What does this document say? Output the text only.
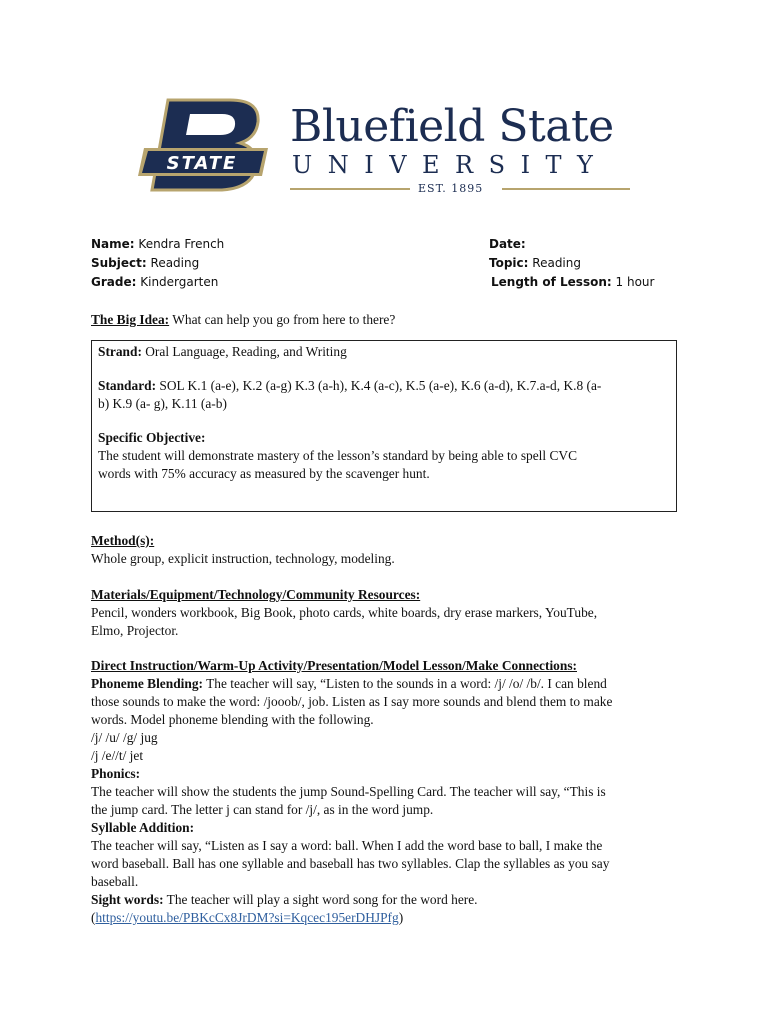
STATE
Bluefield State
UNIVERSITY
EST. 1895
Name: Kendra French
Subject: Reading
Grade: Kindergarten
Date:
Topic: Reading
Length of Lesson: 1 hour
The Big Idea: What can help you go from here to there?

Strand: Oral Language, Reading, and Writing

Standard: SOL K.1 (a-e), K.2 (a-g) K.3 (a-h), K.4 (a-c), K.5 (a-e), K.6 (a-d), K.7.a-d, K.8 (a-

b) K.9 (a- g), K.11 (a-b)

Specific Objective:

The student will demonstrate mastery of the lesson’s standard by being able to spell CVC

words with 75% accuracy as measured by the scavenger hunt.

Method(s):

Whole group, explicit instruction, technology, modeling.

Materials/Equipment/Technology/Community Resources:

Pencil, wonders workbook, Big Book, photo cards, white boards, dry erase markers, YouTube,

Elmo, Projector.

Direct Instruction/Warm-Up Activity/Presentation/Model Lesson/Make Connections:

Phoneme Blending: The teacher will say, “Listen to the sounds in a word: /j/ /o/ /b/. I can blend

those sounds to make the word: /jooob/, job. Listen as I say more sounds and blend them to make

words. Model phoneme blending with the following.

/j/ /u/ /g/ jug

/j /e//t/ jet

Phonics:

The teacher will show the students the jump Sound-Spelling Card. The teacher will say, “This is

the jump card. The letter j can stand for /j/, as in the word jump.

Syllable Addition:

The teacher will say, “Listen as I say a word: ball. When I add the word base to ball, I make the

word baseball. Ball has one syllable and baseball has two syllables. Clap the syllables as you say

baseball.

Sight words: The teacher will play a sight word song for the word here.

(https://youtu.be/PBKcCx8JrDM?si=Kqcec195erDHJPfg)
